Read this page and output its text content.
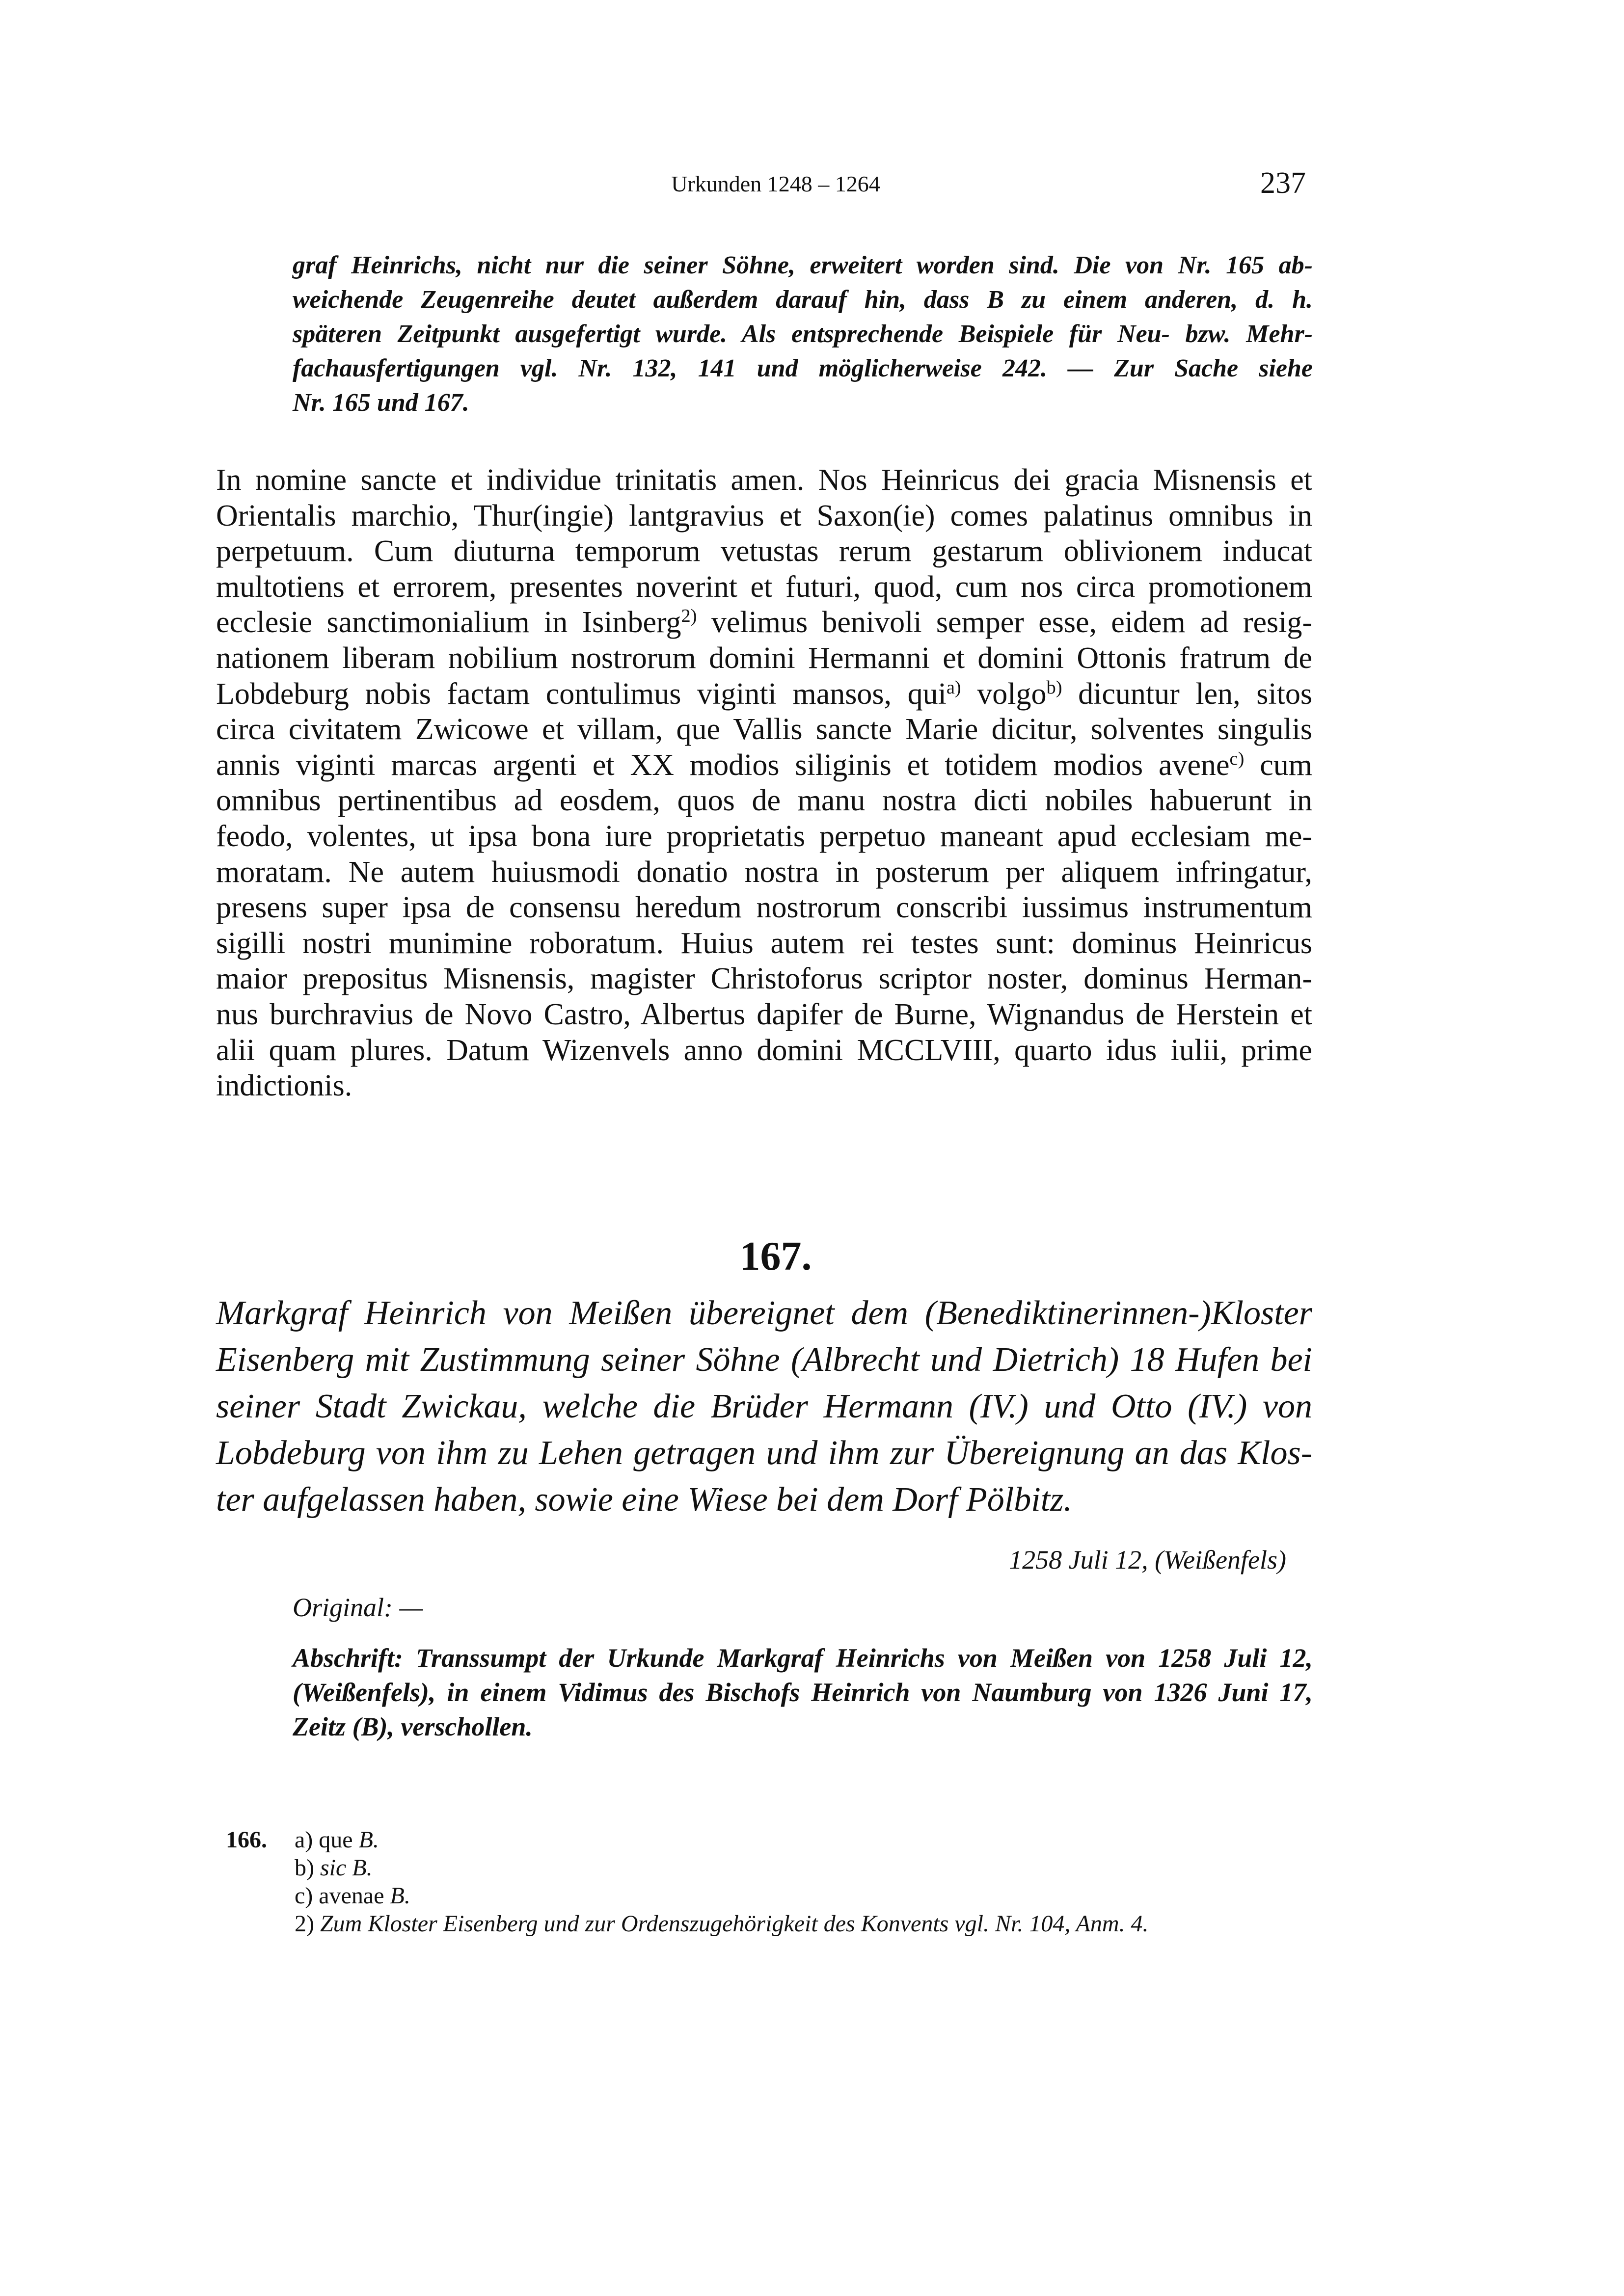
Urkunden 1248 – 1264	237
graf Heinrichs, nicht nur die seiner Söhne, erweitert worden sind. Die von Nr. 165 ab-
weichende Zeugenreihe deutet außerdem darauf hin, dass B zu einem anderen, d. h.
späteren Zeitpunkt ausgefertigt wurde. Als entsprechende Beispiele für Neu- bzw. Mehr-
fachausfertigungen vgl. Nr. 132, 141 und möglicherweise 242. — Zur Sache siehe
Nr. 165 und 167.
In nomine sancte et individue trinitatis amen. Nos Heinricus dei gracia Misnensis et
Orientalis marchio, Thur(ingie) lantgravius et Saxon(ie) comes palatinus omnibus in
perpetuum. Cum diuturna temporum vetustas rerum gestarum oblivionem inducat
multotiens et errorem, presentes noverint et futuri, quod, cum nos circa promotionem
ecclesie sanctimonialium in Isinberg$^{2)}$ velimus benivoli semper esse, eidem ad resig-
nationem liberam nobilium nostrorum domini Hermanni et domini Ottonis fratrum de
Lobdeburg nobis factam contulimus viginti mansos, qui$^{a)}$ volgo$^{b)}$ dicuntur len, sitos
circa civitatem Zwicowe et villam, que Vallis sancte Marie dicitur, solventes singulis
annis viginti marcas argenti et XX modios siliginis et totidem modios avene$^{c)}$ cum
omnibus pertinentibus ad eosdem, quos de manu nostra dicti nobiles habuerunt in
feodo, volentes, ut ipsa bona iure proprietatis perpetuo maneant apud ecclesiam me-
moratam. Ne autem huiusmodi donatio nostra in posterum per aliquem infringatur,
presens super ipsa de consensu heredum nostrorum conscribi iussimus instrumentum
sigilli nostri munimine roboratum. Huius autem rei testes sunt: dominus Heinricus
maior prepositus Misnensis, magister Christoforus scriptor noster, dominus Herman-
nus burchravius de Novo Castro, Albertus dapifer de Burne, Wignandus de Herstein et
alii quam plures. Datum Wizenvels anno domini MCCLVIII, quarto idus iulii, prime
indictionis.
167.
Markgraf Heinrich von Meißen übereignet dem (Benediktinerinnen-)Kloster
Eisenberg mit Zustimmung seiner Söhne (Albrecht und Dietrich) 18 Hufen bei
seiner Stadt Zwickau, welche die Brüder Hermann (IV.) und Otto (IV.) von
Lobdeburg von ihm zu Lehen getragen und ihm zur Übereignung an das Klos-
ter aufgelassen haben, sowie eine Wiese bei dem Dorf Pölbitz.
1258 Juli 12, (Weißenfels)
Original: —
Abschrift: Transsumpt der Urkunde Markgraf Heinrichs von Meißen von 1258 Juli 12,
(Weißenfels), in einem Vidimus des Bischofs Heinrich von Naumburg von 1326 Juni 17,
Zeitz (B), verschollen.
166. a) que B.
b) sic B.
c) avenae B.
2) Zum Kloster Eisenberg und zur Ordenszugehörigkeit des Konvents vgl. Nr. 104, Anm. 4.
